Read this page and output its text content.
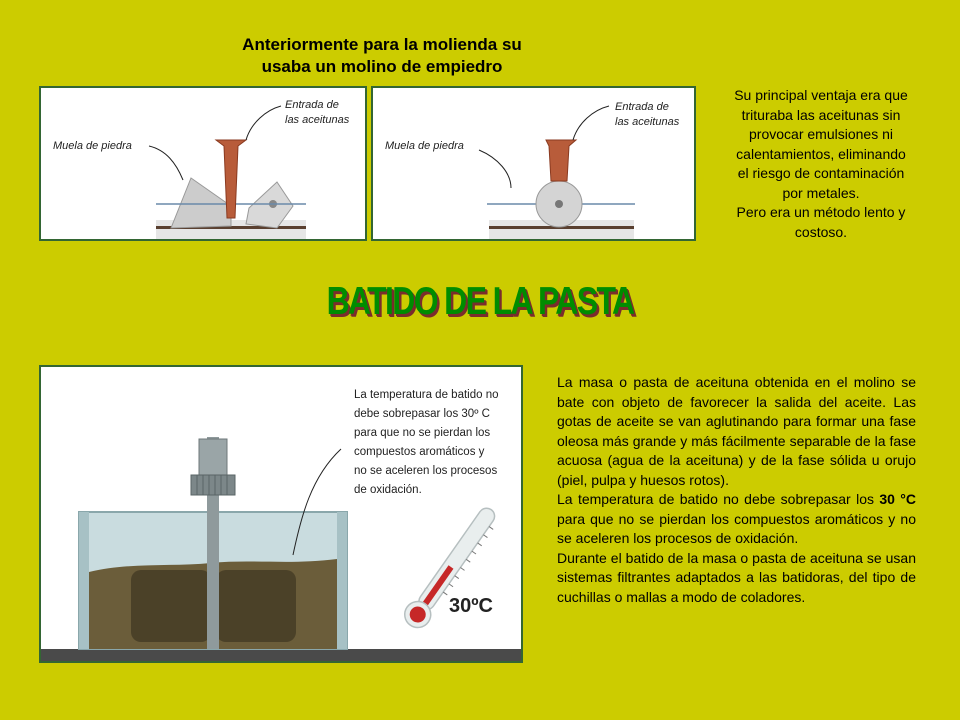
Anteriormente para la molienda su
usaba un molino de empiedro
Muela de piedra
Entrada de
las aceitunas
Muela de piedra
Entrada de
las aceitunas
Su principal ventaja era que
trituraba las aceitunas sin
provocar emulsiones ni
calentamientos, eliminando
el riesgo de contaminación
por metales.
Pero era un método lento y
costoso.
BATIDO DE LA PASTA
La temperatura de batido no
debe sobrepasar los 30º C
para que no se pierdan los
compuestos aromáticos y
no se aceleren los procesos
de oxidación.
30ºC

La masa o pasta de aceituna obtenida en el molino se bate con objeto de favorecer la salida del aceite. Las gotas de aceite se van aglutinando para formar una fase oleosa más grande y más fácilmente separable de la fase acuosa (agua de la aceituna) y de la fase sólida u orujo (piel, pulpa y huesos rotos).

La temperatura de batido no debe sobrepasar los 30 °C para que no se pierdan los compuestos aromáticos y no se aceleren los procesos de oxidación.

Durante el batido de la masa o pasta de aceituna se usan sistemas filtrantes adaptados a las batidoras, del tipo de cuchillas o mallas a modo de coladores.
